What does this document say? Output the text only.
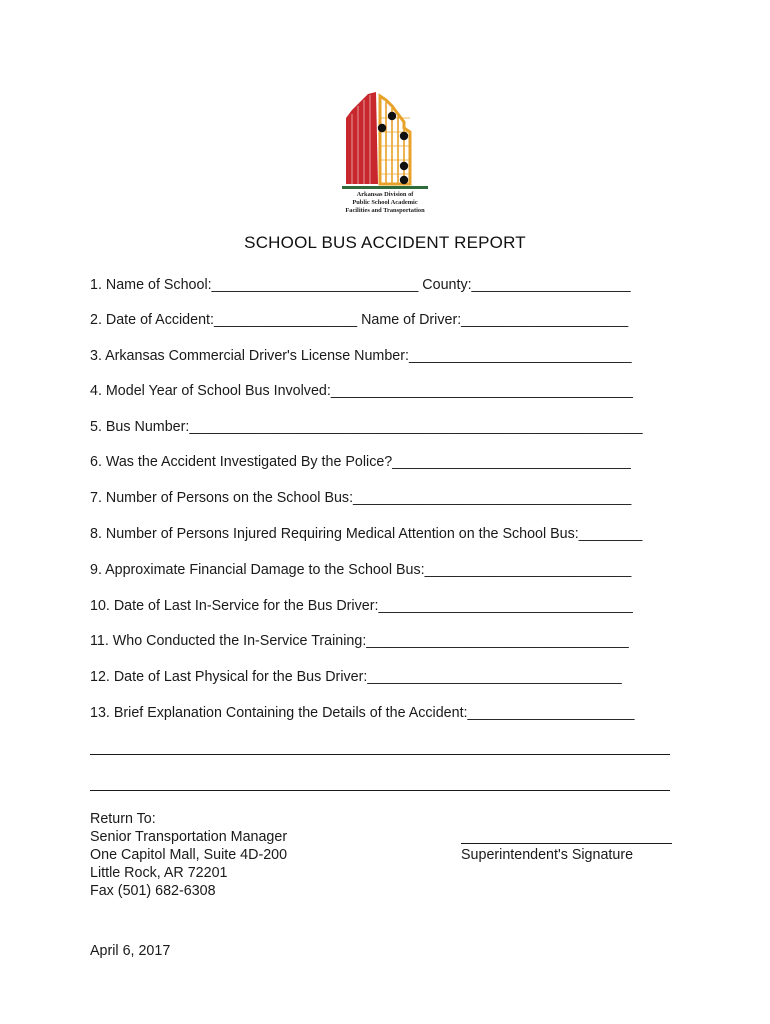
Arkansas Division of
Public School Academic
Facilities and Transportation
SCHOOL BUS ACCIDENT REPORT
1. Name of School:__________________________ County:____________________
2. Date of Accident:__________________ Name of Driver:_____________________
3. Arkansas Commercial Driver's License Number:____________________________
4. Model Year of School Bus Involved:______________________________________
5. Bus Number:_________________________________________________________
6. Was the Accident Investigated By the Police?______________________________
7. Number of Persons on the School Bus:___________________________________
8. Number of Persons Injured Requiring Medical Attention on the School Bus:________
9. Approximate Financial Damage to the School Bus:__________________________
10. Date of Last In-Service for the Bus Driver:________________________________
11. Who Conducted the In-Service Training:_________________________________
12. Date of Last Physical for the Bus Driver:________________________________
13. Brief Explanation Containing the Details of the Accident:_____________________
Return To:
Senior Transportation Manager
One Capitol Mall, Suite 4D-200
Little Rock, AR 72201
Fax (501) 682-6308
Superintendent's Signature
April 6, 2017
